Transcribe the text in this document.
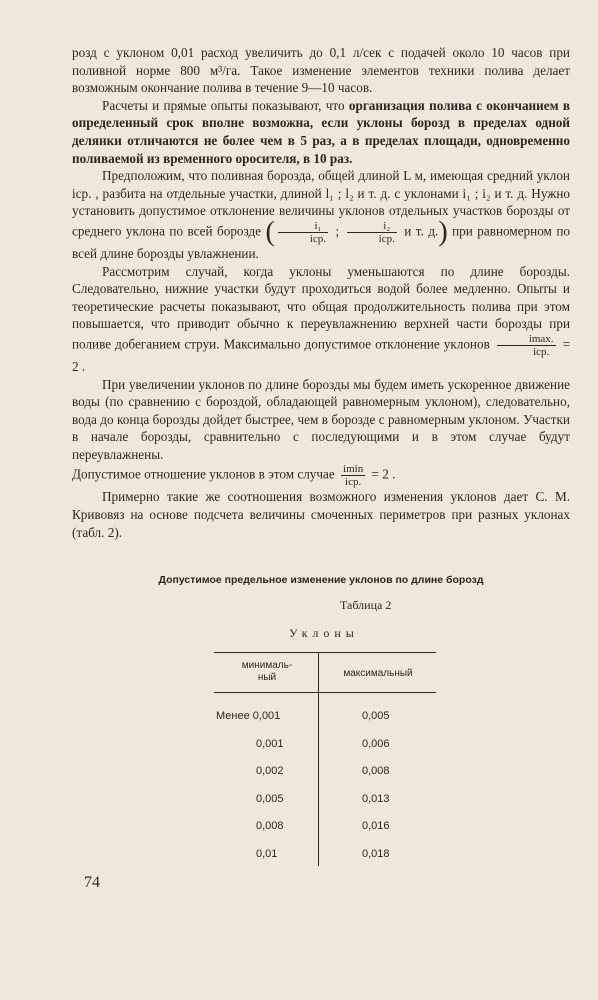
розд с уклоном 0,01 расход увеличить до 0,1 л/сек с подачей около 10 часов при поливной норме 800 м³/га. Такое изменение элементов техники полива делает возможным окончание полива в течение 9—10 часов.

Расчеты и прямые опыты показывают, что организация полива с окончанием в определенный срок вполне возможна, если уклоны борозд в пределах одной делянки отличаются не более чем в 5 раз, а в пределах площади, одновременно поливаемой из временного оросителя, в 10 раз.

Предположим, что поливная борозда, общей длиной L м, имеющая средний уклон iср. , разбита на отдельные участки, длиной l₁ ; l₂ и т. д. с уклонами i₁ ; i₂ и т. д. Нужно установить допустимое отклонение величины уклонов отдельных участков борозды от среднего уклона по всей борозде ( $\frac{\text{i₁}}{\text{iср.}}$ ; $\frac{\text{i₂}}{\text{iср.}}$ и т. д.) при равномерном по всей длине борозды увлажнении.

Рассмотрим случай, когда уклоны уменьшаются по длине борозды. Следовательно, нижние участки будут проходиться водой более медленно. Опыты и теоретические расчеты показывают, что общая продолжительность полива при этом повышается, что приводит обычно к переувлажнению верхней части борозды при поливе добеганием струи. Максимально допустимое отклонение уклонов $\frac{imax.}{\text{iср.}} = 2$ .

При увеличении уклонов по длине борозды мы будем иметь ускоренное движение воды (по сравнению с бороздой, обладающей равномерным уклоном), следовательно, вода до конца борозды дойдет быстрее, чем в борозде с равномерным уклоном. Участки в начале борозды, сравнительно с последующими и в этом случае будут переувлажнены.

Допустимое отношение уклонов в этом случае $\frac{imin}{\text{iср.}} = 2$ .

Примерно такие же соотношения возможного изменения уклонов дает С. М. Кривовяз на основе подсчета величины смоченных периметров при разных уклонах (табл. 2).

Допустимое предельное изменение уклонов по длине борозд
Таблица 2
Уклоны
минималь-
ный	максимальный
Менее 0,001	0,005
0,001	0,006
0,002	0,008
0,005	0,013
0,008	0,016
0,01	0,018
74
